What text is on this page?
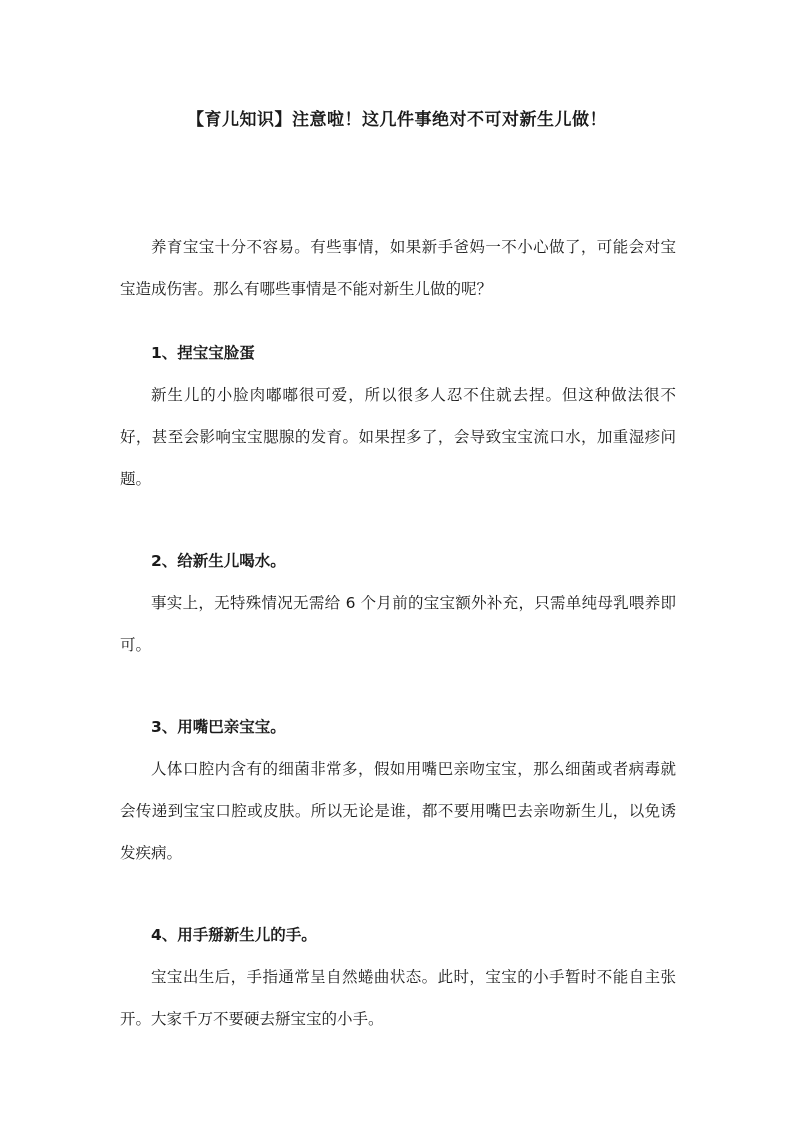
【育儿知识】注意啦！这几件事绝对不可对新生儿做！

养育宝宝十分不容易。有些事情，如果新手爸妈一不小心做了，可能会对宝宝造成伤害。那么有哪些事情是不能对新生儿做的呢？

1、捏宝宝脸蛋

新生儿的小脸肉嘟嘟很可爱，所以很多人忍不住就去捏。但这种做法很不好，甚至会影响宝宝腮腺的发育。如果捏多了，会导致宝宝流口水，加重湿疹问题。

2、给新生儿喝水。

事实上，无特殊情况无需给 6 个月前的宝宝额外补充，只需单纯母乳喂养即可。

3、用嘴巴亲宝宝。

人体口腔内含有的细菌非常多，假如用嘴巴亲吻宝宝，那么细菌或者病毒就会传递到宝宝口腔或皮肤。所以无论是谁，都不要用嘴巴去亲吻新生儿，以免诱发疾病。

4、用手掰新生儿的手。

宝宝出生后，手指通常呈自然蜷曲状态。此时，宝宝的小手暂时不能自主张开。大家千万不要硬去掰宝宝的小手。
